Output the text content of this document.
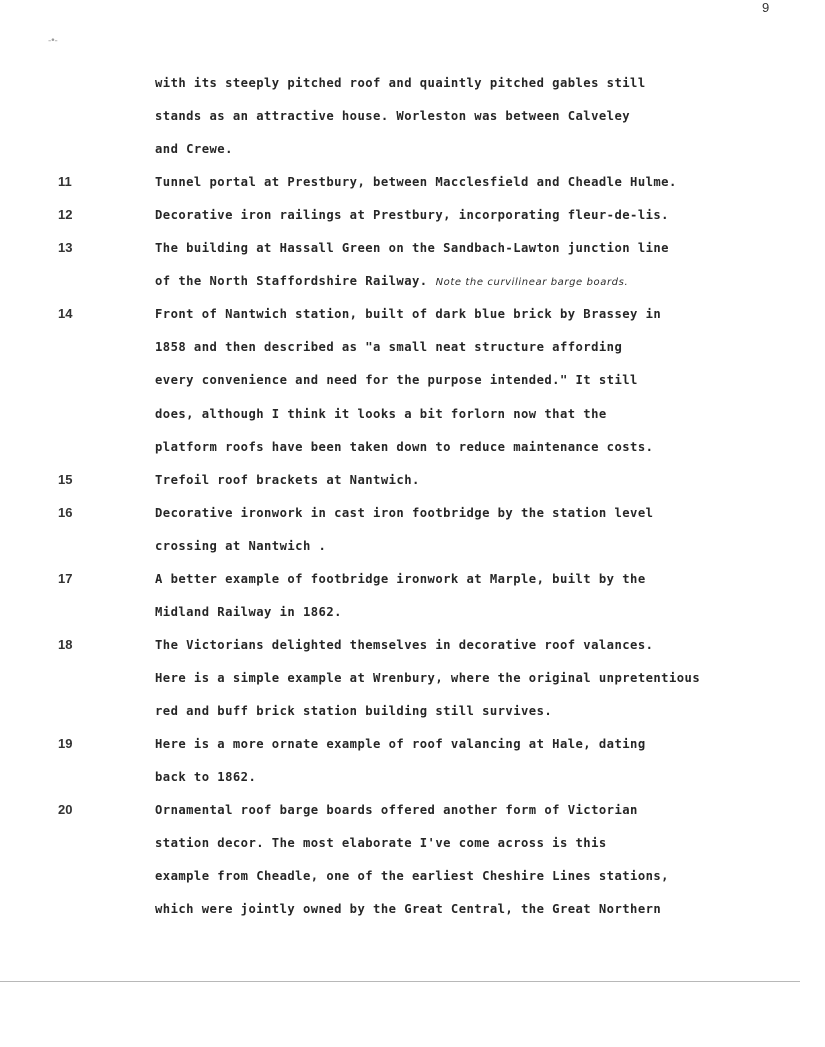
9
-•-
with its steeply pitched roof and quaintly pitched gables still
stands as an attractive house. Worleston was between Calveley
and Crewe.
11	Tunnel portal at Prestbury, between Macclesfield and Cheadle Hulme.
12	Decorative iron railings at Prestbury, incorporating fleur-de-lis.
13	The building at Hassall Green on the Sandbach-Lawton junction line
of the North Staffordshire Railway. Note the curvilinear barge boards.
14	Front of Nantwich station, built of dark blue brick by Brassey in
1858 and then described as "a small neat structure affording
every convenience and need for the purpose intended." It still
does, although I think it looks a bit forlorn now that the
platform roofs have been taken down to reduce maintenance costs.
15	Trefoil roof brackets at Nantwich.
16	Decorative ironwork in cast iron footbridge by the station level
crossing at Nantwich .
17	A better example of footbridge ironwork at Marple, built by the
Midland Railway in 1862.
18	The Victorians delighted themselves in decorative roof valances.
Here is a simple example at Wrenbury, where the original unpretentious
red and buff brick station building still survives.
19	Here is a more ornate example of roof valancing at Hale, dating
back to 1862.
20	Ornamental roof barge boards offered another form of Victorian
station decor. The most elaborate I've come across is this
example from Cheadle, one of the earliest Cheshire Lines stations,
which were jointly owned by the Great Central, the Great Northern
